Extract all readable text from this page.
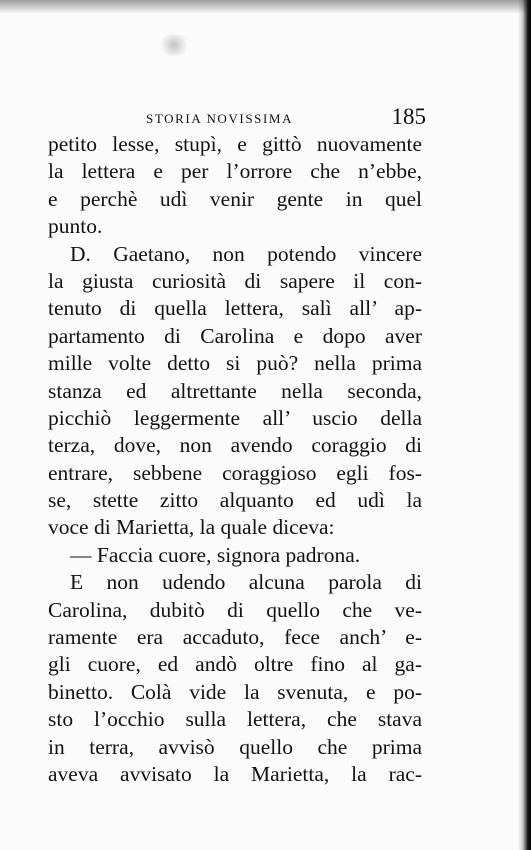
STORIA NOVISSIMA	185
petito lesse, stupì, e gittò nuovamente
la lettera e per l’orrore che n’ebbe,
e perchè udì venir gente in quel
punto.
D. Gaetano, non potendo vincere
la giusta curiosità di sapere il con-
tenuto di quella lettera, salì all’ ap-
partamento di Carolina e dopo aver
mille volte detto si può? nella prima
stanza ed altrettante nella seconda,
picchiò leggermente all’ uscio della
terza, dove, non avendo coraggio di
entrare, sebbene coraggioso egli fos-
se, stette zitto alquanto ed udì la
voce di Marietta, la quale diceva:
— Faccia cuore, signora padrona.
E non udendo alcuna parola di
Carolina, dubitò di quello che ve-
ramente era accaduto, fece anch’ e-
gli cuore, ed andò oltre fino al ga-
binetto. Colà vide la svenuta, e po-
sto l’occhio sulla lettera, che stava
in terra, avvisò quello che prima
aveva avvisato la Marietta, la rac-
